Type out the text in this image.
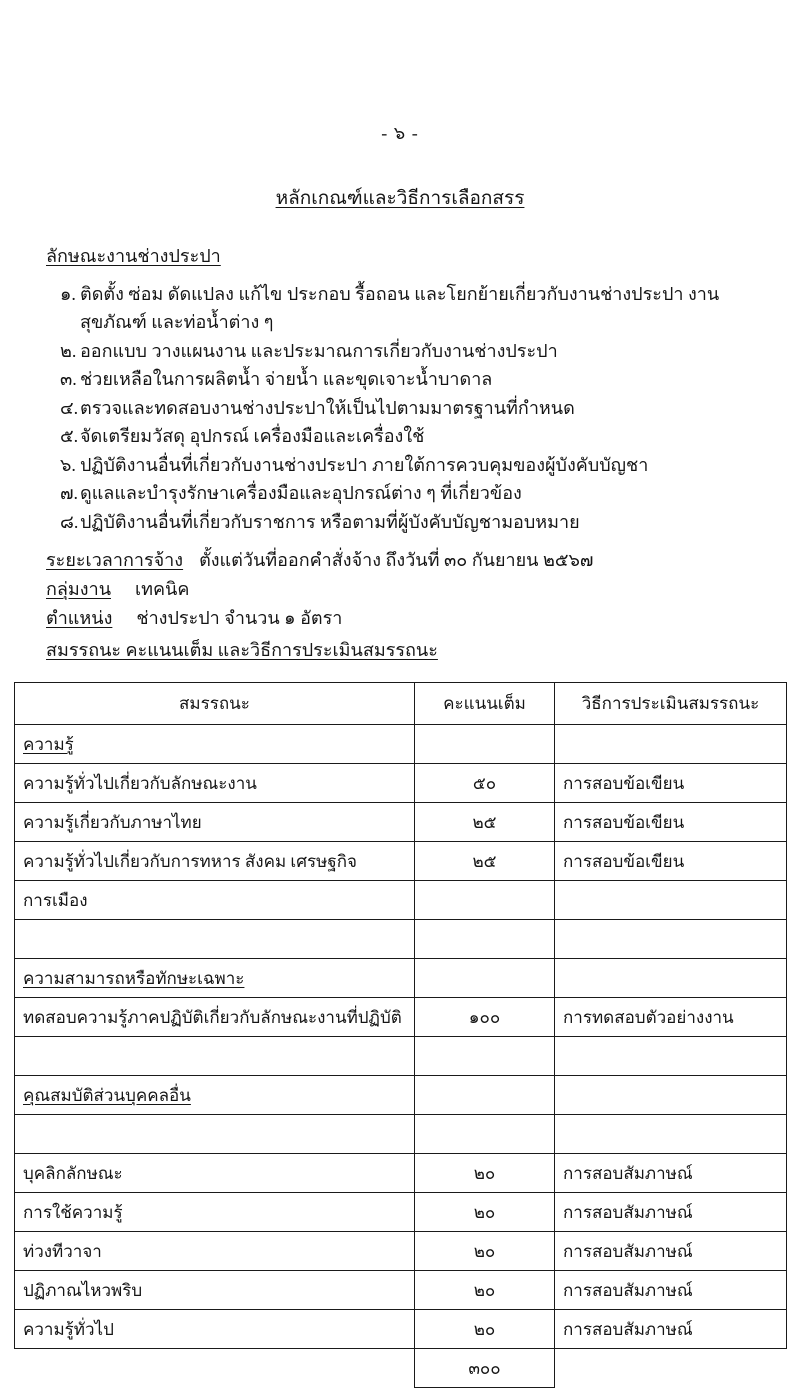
- ๖ -
หลักเกณฑ์และวิธีการเลือกสรร
ลักษณะงานช่างประปา
๑. ติดตั้ง ซ่อม ดัดแปลง แก้ไข ประกอบ รื้อถอน และโยกย้ายเกี่ยวกับงานช่างประปา งานสุขภัณฑ์ และท่อน้ำต่าง ๆ
๒. ออกแบบ วางแผนงาน และประมาณการเกี่ยวกับงานช่างประปา
๓. ช่วยเหลือในการผลิตน้ำ จ่ายน้ำ และขุดเจาะน้ำบาดาล
๔. ตรวจและทดสอบงานช่างประปาให้เป็นไปตามมาตรฐานที่กำหนด
๕. จัดเตรียมวัสดุ อุปกรณ์ เครื่องมือและเครื่องใช้
๖. ปฏิบัติงานอื่นที่เกี่ยวกับงานช่างประปา ภายใต้การควบคุมของผู้บังคับบัญชา
๗. ดูแลและบำรุงรักษาเครื่องมือและอุปกรณ์ต่าง ๆ ที่เกี่ยวข้อง
๘. ปฏิบัติงานอื่นที่เกี่ยวกับราชการ หรือตามที่ผู้บังคับบัญชามอบหมาย
ระยะเวลาการจ้าง ตั้งแต่วันที่ออกคำสั่งจ้าง ถึงวันที่ ๓๐ กันยายน ๒๕๖๗
กลุ่มงาน เทคนิค
ตำแหน่ง ช่างประปา จำนวน ๑ อัตรา
สมรรถนะ คะแนนเต็ม และวิธีการประเมินสมรรถนะ
สมรรถนะ	คะแนนเต็ม	วิธีการประเมินสมรรถนะ
ความรู้		
ความรู้ทั่วไปเกี่ยวกับลักษณะงาน	๕๐	การสอบข้อเขียน
ความรู้เกี่ยวกับภาษาไทย	๒๕	การสอบข้อเขียน
ความรู้ทั่วไปเกี่ยวกับการทหาร สังคม เศรษฐกิจ	๒๕	การสอบข้อเขียน
การเมือง		

ความสามารถหรือทักษะเฉพาะ		
ทดสอบความรู้ภาคปฏิบัติเกี่ยวกับลักษณะงานที่ปฏิบัติ	๑๐๐	การทดสอบตัวอย่างงาน

คุณสมบัติส่วนบุคคลอื่น		

บุคลิกลักษณะ	๒๐	การสอบสัมภาษณ์
การใช้ความรู้	๒๐	การสอบสัมภาษณ์
ท่วงทีวาจา	๒๐	การสอบสัมภาษณ์
ปฏิภาณไหวพริบ	๒๐	การสอบสัมภาษณ์
ความรู้ทั่วไป	๒๐	การสอบสัมภาษณ์
	๓๐๐	
